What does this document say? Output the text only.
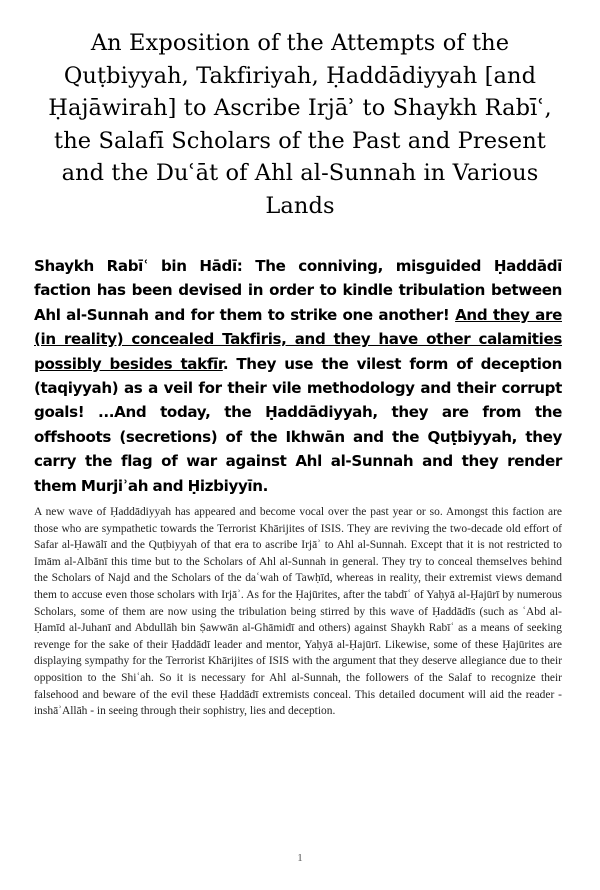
An Exposition of the Attempts of the Quṭbiyyah, Takfiriyah, Ḥaddādiyyah [and Ḥajāwirah] to Ascribe Irjāʾ to Shaykh Rabīʿ, the Salafī Scholars of the Past and Present and the Duʿāt of Ahl al-Sunnah in Various Lands

Shaykh Rabīʿ bin Hādī: The conniving, misguided Ḥaddādī faction has been devised in order to kindle tribulation between Ahl al-Sunnah and for them to strike one another! And they are (in reality) concealed Takfiris, and they have other calamities possibly besides takfīr. They use the vilest form of deception (taqiyyah) as a veil for their vile methodology and their corrupt goals! ...And today, the Ḥaddādiyyah, they are from the offshoots (secretions) of the Ikhwān and the Quṭbiyyah, they carry the flag of war against Ahl al-Sunnah and they render them Murjiʾah and Ḥizbiyyīn.

A new wave of Ḥaddādiyyah has appeared and become vocal over the past year or so. Amongst this faction are those who are sympathetic towards the Terrorist Khārijites of ISIS. They are reviving the two-decade old effort of Safar al-Ḥawālī and the Quṭbiyyah of that era to ascribe Irjāʾ to Ahl al-Sunnah. Except that it is not restricted to Imām al-Albānī this time but to the Scholars of Ahl al-Sunnah in general. They try to conceal themselves behind the Scholars of Najd and the Scholars of the daʿwah of Tawḥīd, whereas in reality, their extremist views demand them to accuse even those scholars with Irjāʾ. As for the Ḥajūrites, after the tabdīʿ of Yaḥyā al-Ḥajūrī by numerous Scholars, some of them are now using the tribulation being stirred by this wave of Ḥaddādīs (such as ʿAbd al-Ḥamīd al-Juhanī and Abdullāh bin Ṣawwān al-Ghāmidī and others) against Shaykh Rabīʿ as a means of seeking revenge for the sake of their Ḥaddādī leader and mentor, Yaḥyā al-Ḥajūrī. Likewise, some of these Ḥajūrites are displaying sympathy for the Terrorist Khārijites of ISIS with the argument that they deserve allegiance due to their opposition to the Shiʿah. So it is necessary for Ahl al-Sunnah, the followers of the Salaf to recognize their falsehood and beware of the evil these Ḥaddādī extremists conceal. This detailed document will aid the reader - inshāʾAllāh - in seeing through their sophistry, lies and deception.

1
